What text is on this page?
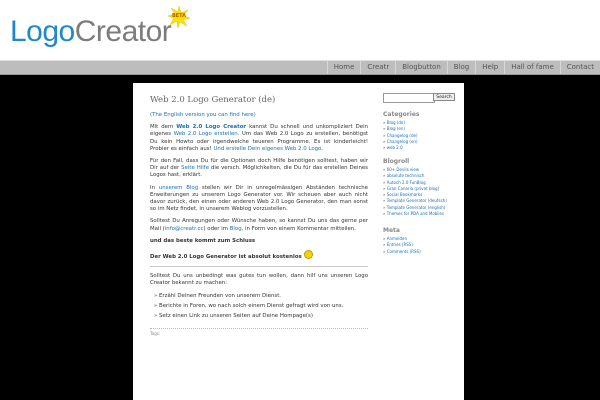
LogoCreator BETA
Home	Creatr	Blogbutton	Blog	Help	Hall of fame	Contact
Web 2.0 Logo Generator (de)

(The English version you can find here)

Mit dem Web 2.0 Logo Creator kannst Du schnell und unkompliziert Dein eigenes Web 2.0 Logo erstellen. Um das Web 2.0 Logo zu erstellen, benötigst Du kein Howto oder irgendwelche teueren Programme. Es ist kinderleicht! Probier es einfach aus! Und erstelle Dein eigenes Web 2.0 Logo.

Für den Fall, dass Du für die Optionen doch Hilfe benötigen solltest, haben wir Dir auf der Seite Hilfe die versch. Möglichkeiten, die Du für das erstellen Deines Logos hast, erklärt.

In unserem Blog stellen wir Dir in unregelmässigen Abständen technische Erweiterungen zu unserem Logo Generator vor. Wir scheuen aber auch nicht davor zurück, den einen oder anderen Web 2.0 Logo Generator, den man sonst so im Netz findet, in unserem Weblog vorzustellen.

Solltest Du Anregungen oder Wünsche haben, so kannst Du uns das gerne per Mail (info@creatr.cc) oder im Blog, in Form von einem Kommentar mitteilen.

und das beste kommt zum Schluss

Der Web 2.0 Logo Generator ist absolut kostenlos

Solltest Du uns unbedingt was gutes tun wollen, dann hilf uns unseren Logo Creator bekannt zu machen:

» Erzähl Deinen Freunden von unserem Dienst.
» Berichte in Foren, wo nach solch einem Dienst gefragt wird von uns.
» Setz einen Link zu unseren Seiten auf Deine Hompage(s)
Tags:
Search
Categories
» Blog (de)
» Blog (en)
» Changelog (de)
» Changelog (en)
» web 2.0
Blogroll
» 60+ Devils view
» absolute technisch
» Autoch 2.0 FunBlog
» Gran Canaria (privat blog)
» Social Bookmarks
» Template Generator (deutsch)
» Template Generator (english)
» Themes for PDA and Mobiles
Meta
» Anmelden
» Entries (RSS)
» Comments (RSS)
